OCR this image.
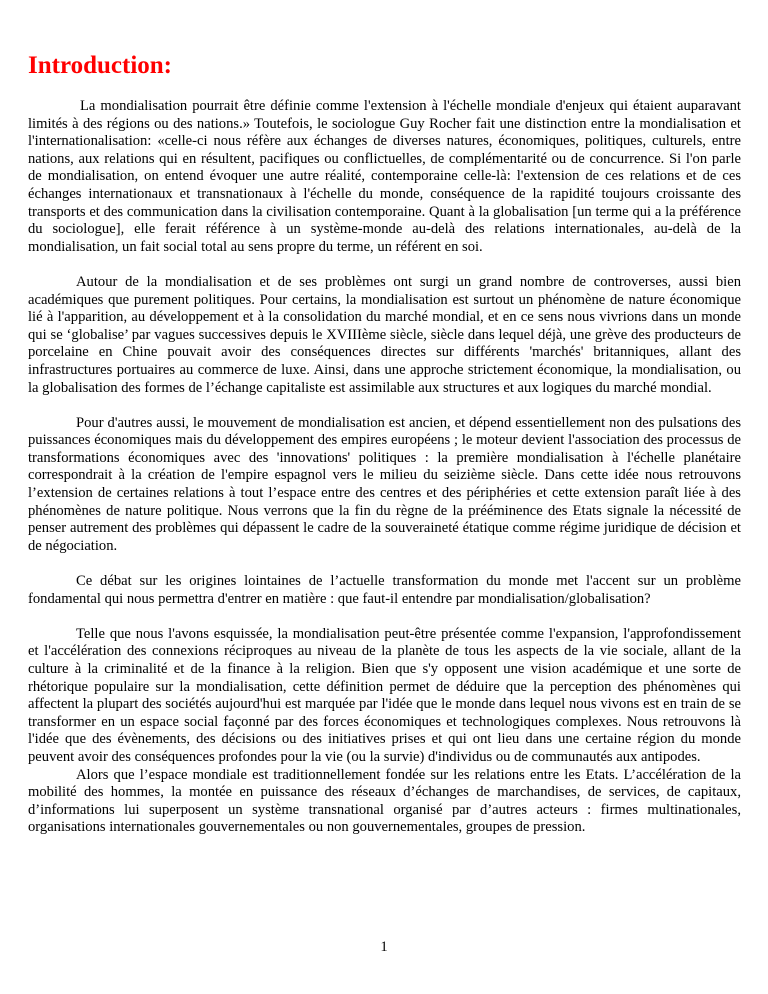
Introduction:

La mondialisation pourrait être définie comme l'extension à l'échelle mondiale d'enjeux qui étaient auparavant limités à des régions ou des nations.» Toutefois, le sociologue Guy Rocher fait une distinction entre la mondialisation et l'internationalisation: «celle-ci nous réfère aux échanges de diverses natures, économiques, politiques, culturels, entre nations, aux relations qui en résultent, pacifiques ou conflictuelles, de complémentarité ou de concurrence. Si l'on parle de mondialisation, on entend évoquer une autre réalité, contemporaine celle-là: l'extension de ces relations et de ces échanges internationaux et transnationaux à l'échelle du monde, conséquence de la rapidité toujours croissante des transports et des communication dans la civilisation contemporaine. Quant à la globalisation [un terme qui a la préférence du sociologue], elle ferait référence à un système-monde au-delà des relations internationales, au-delà de la mondialisation, un fait social total au sens propre du terme, un référent en soi.

Autour de la mondialisation et de ses problèmes ont surgi un grand nombre de controverses, aussi bien académiques que purement politiques. Pour certains, la mondialisation est surtout un phénomène de nature économique lié à l'apparition, au développement et à la consolidation du marché mondial, et en ce sens nous vivrions dans un monde qui se ‘globalise’ par vagues successives depuis le XVIIIème siècle, siècle dans lequel déjà, une grève des producteurs de porcelaine en Chine pouvait avoir des conséquences directes sur différents 'marchés' britanniques, allant des infrastructures portuaires au commerce de luxe. Ainsi, dans une approche strictement économique, la mondialisation, ou la globalisation des formes de l’échange capitaliste est assimilable aux structures et aux logiques du marché mondial.

Pour d'autres aussi, le mouvement de mondialisation est ancien, et dépend essentiellement non des pulsations des puissances économiques mais du développement des empires européens ; le moteur devient l'association des processus de transformations économiques avec des 'innovations' politiques : la première mondialisation à l'échelle planétaire correspondrait à la création de l'empire espagnol vers le milieu du seizième siècle. Dans cette idée nous retrouvons l’extension de certaines relations à tout l’espace entre des centres et des périphéries et cette extension paraît liée à des phénomènes de nature politique. Nous verrons que la fin du règne de la prééminence des Etats signale la nécessité de penser autrement des problèmes qui dépassent le cadre de la souveraineté étatique comme régime juridique de décision et de négociation.

Ce débat sur les origines lointaines de l’actuelle transformation du monde met l'accent sur un problème fondamental qui nous permettra d'entrer en matière : que faut-il entendre par mondialisation/globalisation?

Telle que nous l'avons esquissée, la mondialisation peut-être présentée comme l'expansion, l'approfondissement et l'accélération des connexions réciproques au niveau de la planète de tous les aspects de la vie sociale, allant de la culture à la criminalité et de la finance à la religion. Bien que s'y opposent une vision académique et une sorte de rhétorique populaire sur la mondialisation, cette définition permet de déduire que la perception des phénomènes qui affectent la plupart des sociétés aujourd'hui est marquée par l'idée que le monde dans lequel nous vivons est en train de se transformer en un espace social façonné par des forces économiques et technologiques complexes. Nous retrouvons là l'idée que des évènements, des décisions ou des initiatives prises et qui ont lieu dans une certaine région du monde peuvent avoir des conséquences profondes pour la vie (ou la survie) d'individus ou de communautés aux antipodes.

Alors que l’espace mondiale est traditionnellement fondée sur les relations entre les Etats. L’accélération de la mobilité des hommes, la montée en puissance des réseaux d’échanges de marchandises, de services, de capitaux, d’informations lui superposent un système transnational organisé par d’autres acteurs : firmes multinationales, organisations internationales gouvernementales ou non gouvernementales, groupes de pression.

1
